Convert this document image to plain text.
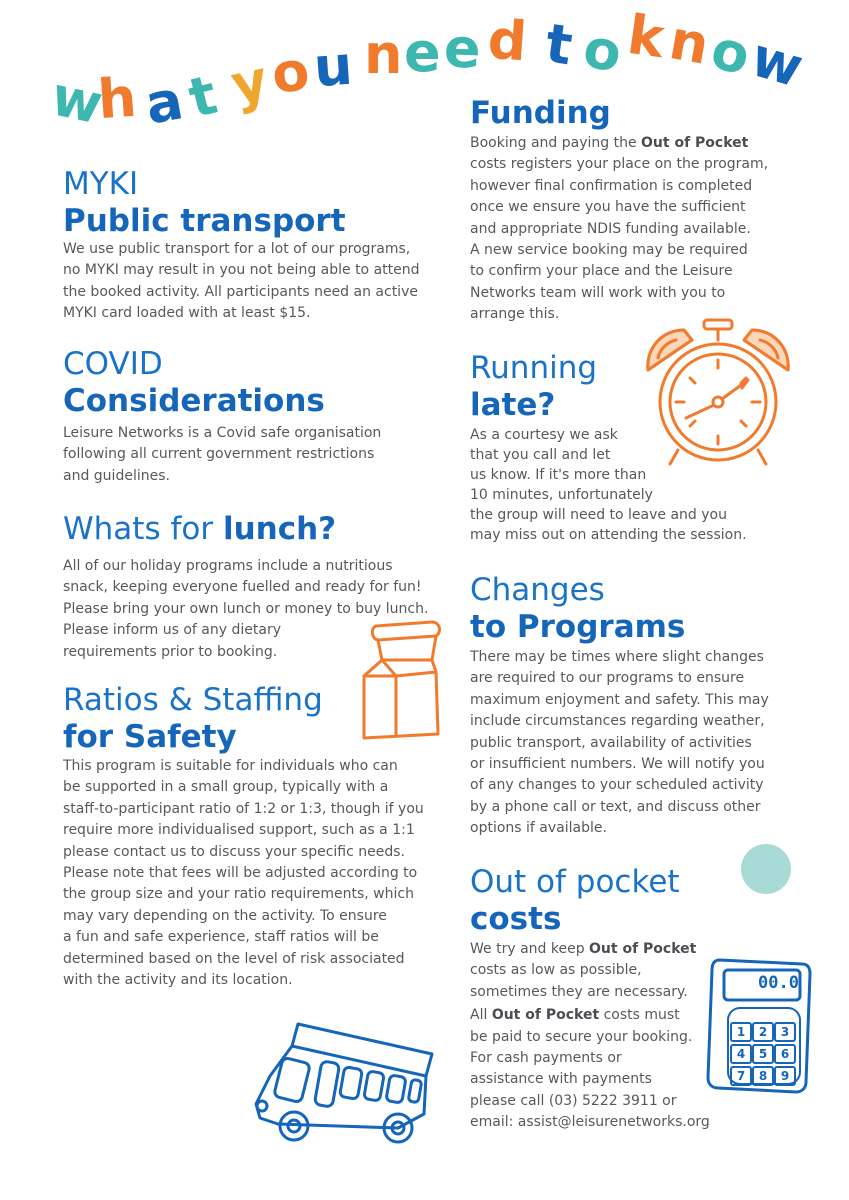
w
h a
t y
o
u n e e d t o
k
n
o
w
MYKI
Public transport

We use public transport for a lot of our programs,
no MYKI may result in you not being able to attend
the booked activity. All participants need an active
MYKI card loaded with at least $15.

COVID
Considerations

Leisure Networks is a Covid safe organisation
following all current government restrictions
and guidelines.

Whats for lunch?

All of our holiday programs include a nutritious
snack, keeping everyone fuelled and ready for fun!
Please bring your own lunch or money to buy lunch.
Please inform us of any dietary
requirements prior to booking.

Ratios & Staffing
for Safety

This program is suitable for individuals who can
be supported in a small group, typically with a
staff-to-participant ratio of 1:2 or 1:3, though if you
require more individualised support, such as a 1:1
please contact us to discuss your specific needs.
Please note that fees will be adjusted according to
the group size and your ratio requirements, which
may vary depending on the activity. To ensure
a fun and safe experience, staff ratios will be
determined based on the level of risk associated
with the activity and its location.

Funding

Booking and paying the Out of Pocket
costs registers your place on the program,
however final confirmation is completed
once we ensure you have the sufficient
and appropriate NDIS funding available.
A new service booking may be required
to confirm your place and the Leisure
Networks team will work with you to
arrange this.

Running
late?

As a courtesy we ask
that you call and let
us know. If it's more than
10 minutes, unfortunately
the group will need to leave and you
may miss out on attending the session.

Changes
to Programs

There may be times where slight changes
are required to our programs to ensure
maximum enjoyment and safety. This may
include circumstances regarding weather,
public transport, availability of activities
or insufficient numbers. We will notify you
of any changes to your scheduled activity
by a phone call or text, and discuss other
options if available.

Out of pocket
costs

We try and keep Out of Pocket
costs as low as possible,
sometimes they are necessary.

All Out of Pocket costs must
be paid to secure your booking.
For cash payments or
assistance with payments
please call (03) 5222 3911 or
email: assist@leisurenetworks.org

00.0
1	2	3
4	5	6
7	8	9
